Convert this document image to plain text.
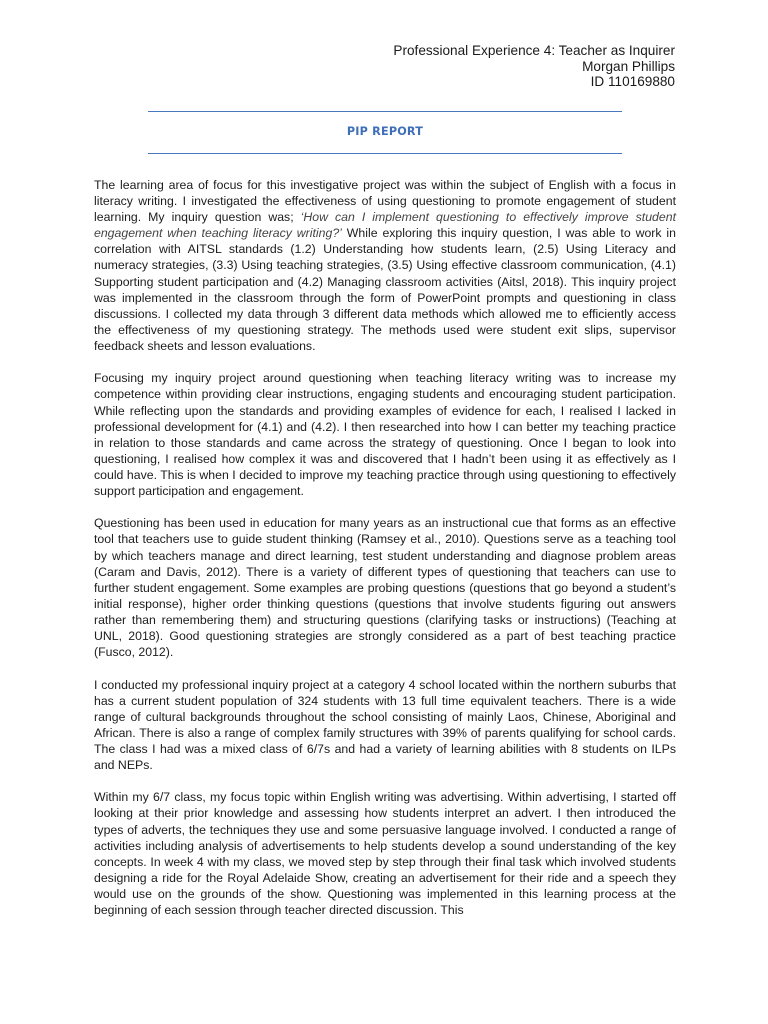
Professional Experience 4: Teacher as Inquirer
Morgan Phillips
ID 110169880
PIP REPORT

The learning area of focus for this investigative project was within the subject of English with a focus in literacy writing. I investigated the effectiveness of using questioning to promote engagement of student learning. My inquiry question was; ‘How can I implement questioning to effectively improve student engagement when teaching literacy writing?’ While exploring this inquiry question, I was able to work in correlation with AITSL standards (1.2) Understanding how students learn, (2.5) Using Literacy and numeracy strategies, (3.3) Using teaching strategies, (3.5) Using effective classroom communication, (4.1) Supporting student participation and (4.2) Managing classroom activities (Aitsl, 2018). This inquiry project was implemented in the classroom through the form of PowerPoint prompts and questioning in class discussions. I collected my data through 3 different data methods which allowed me to efficiently access the effectiveness of my questioning strategy. The methods used were student exit slips, supervisor feedback sheets and lesson evaluations.

Focusing my inquiry project around questioning when teaching literacy writing was to increase my competence within providing clear instructions, engaging students and encouraging student participation. While reflecting upon the standards and providing examples of evidence for each, I realised I lacked in professional development for (4.1) and (4.2). I then researched into how I can better my teaching practice in relation to those standards and came across the strategy of questioning. Once I began to look into questioning, I realised how complex it was and discovered that I hadn’t been using it as effectively as I could have. This is when I decided to improve my teaching practice through using questioning to effectively support participation and engagement.

Questioning has been used in education for many years as an instructional cue that forms as an effective tool that teachers use to guide student thinking (Ramsey et al., 2010). Questions serve as a teaching tool by which teachers manage and direct learning, test student understanding and diagnose problem areas (Caram and Davis, 2012). There is a variety of different types of questioning that teachers can use to further student engagement. Some examples are probing questions (questions that go beyond a student’s initial response), higher order thinking questions (questions that involve students figuring out answers rather than remembering them) and structuring questions (clarifying tasks or instructions) (Teaching at UNL, 2018). Good questioning strategies are strongly considered as a part of best teaching practice (Fusco, 2012).

I conducted my professional inquiry project at a category 4 school located within the northern suburbs that has a current student population of 324 students with 13 full time equivalent teachers. There is a wide range of cultural backgrounds throughout the school consisting of mainly Laos, Chinese, Aboriginal and African. There is also a range of complex family structures with 39% of parents qualifying for school cards. The class I had was a mixed class of 6/7s and had a variety of learning abilities with 8 students on ILPs and NEPs.

Within my 6/7 class, my focus topic within English writing was advertising. Within advertising, I started off looking at their prior knowledge and assessing how students interpret an advert. I then introduced the types of adverts, the techniques they use and some persuasive language involved. I conducted a range of activities including analysis of advertisements to help students develop a sound understanding of the key concepts. In week 4 with my class, we moved step by step through their final task which involved students designing a ride for the Royal Adelaide Show, creating an advertisement for their ride and a speech they would use on the grounds of the show. Questioning was implemented in this learning process at the beginning of each session through teacher directed discussion. This
